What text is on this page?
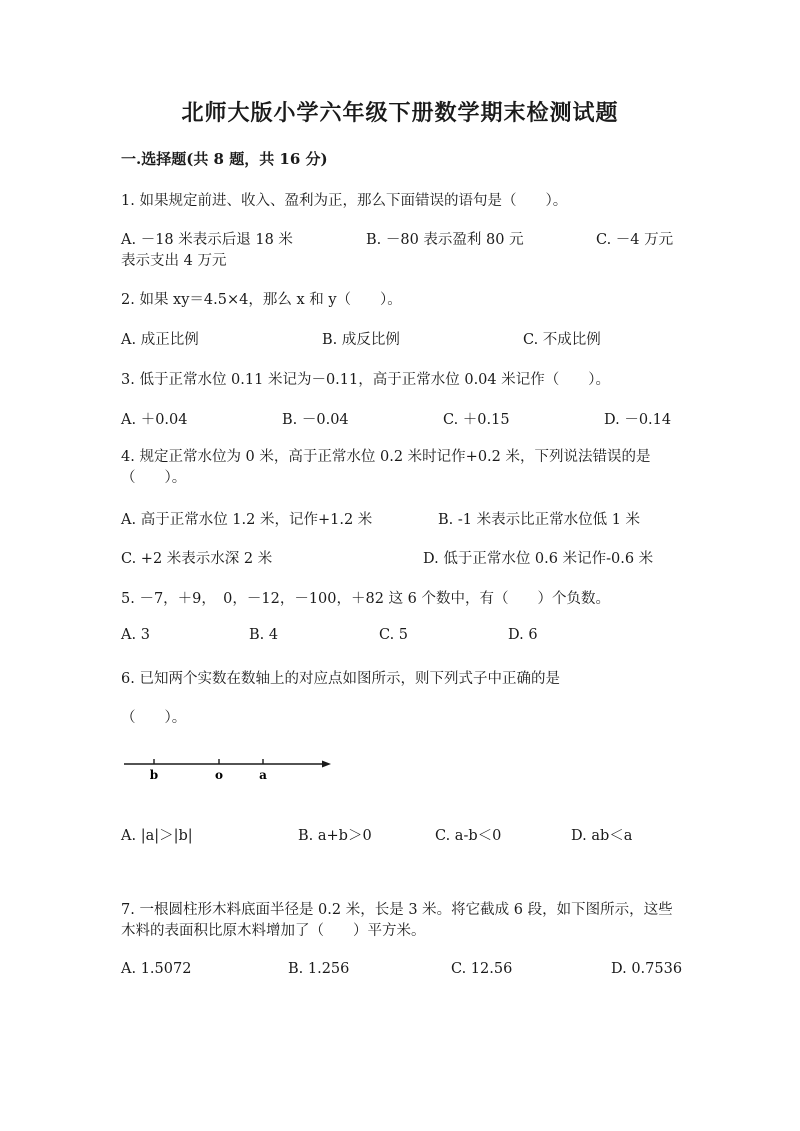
北师大版小学六年级下册数学期末检测试题
一.选择题(共 8 题，共 16 分)
1. 如果规定前进、收入、盈利为正，那么下面错误的语句是（　　）。
A. －18 米表示后退 18 米	B. －80 表示盈利 80 元	C. －4 万元
表示支出 4 万元
2. 如果 xy＝4.5×4，那么 x 和 y（　　）。
A. 成正比例	B. 成反比例	C. 不成比例
3. 低于正常水位 0.11 米记为－0.11，高于正常水位 0.04 米记作（　　）。
A. ＋0.04	B. －0.04	C. ＋0.15	D. －0.14
4. 规定正常水位为 0 米，高于正常水位 0.2 米时记作+0.2 米，下列说法错误的是（　　）。
A. 高于正常水位 1.2 米，记作+1.2 米	B. -1 米表示比正常水位低 1 米
C. +2 米表示水深 2 米	D. 低于正常水位 0.6 米记作-0.6 米
5. －7，＋9，　0，－12，－100，＋82 这 6 个数中，有（　　）个负数。
A. 3	B. 4	C. 5	D. 6
6. 已知两个实数在数轴上的对应点如图所示，则下列式子中正确的是
（　　）。
b	o	a
A. |a|＞|b|	B. a+b＞0	C. a-b＜0	D. ab＜a
7. 一根圆柱形木料底面半径是 0.2 米，长是 3 米。将它截成 6 段，如下图所示，这些木料的表面积比原木料增加了（　　）平方米。
A. 1.5072	B. 1.256	C. 12.56	D. 0.7536
